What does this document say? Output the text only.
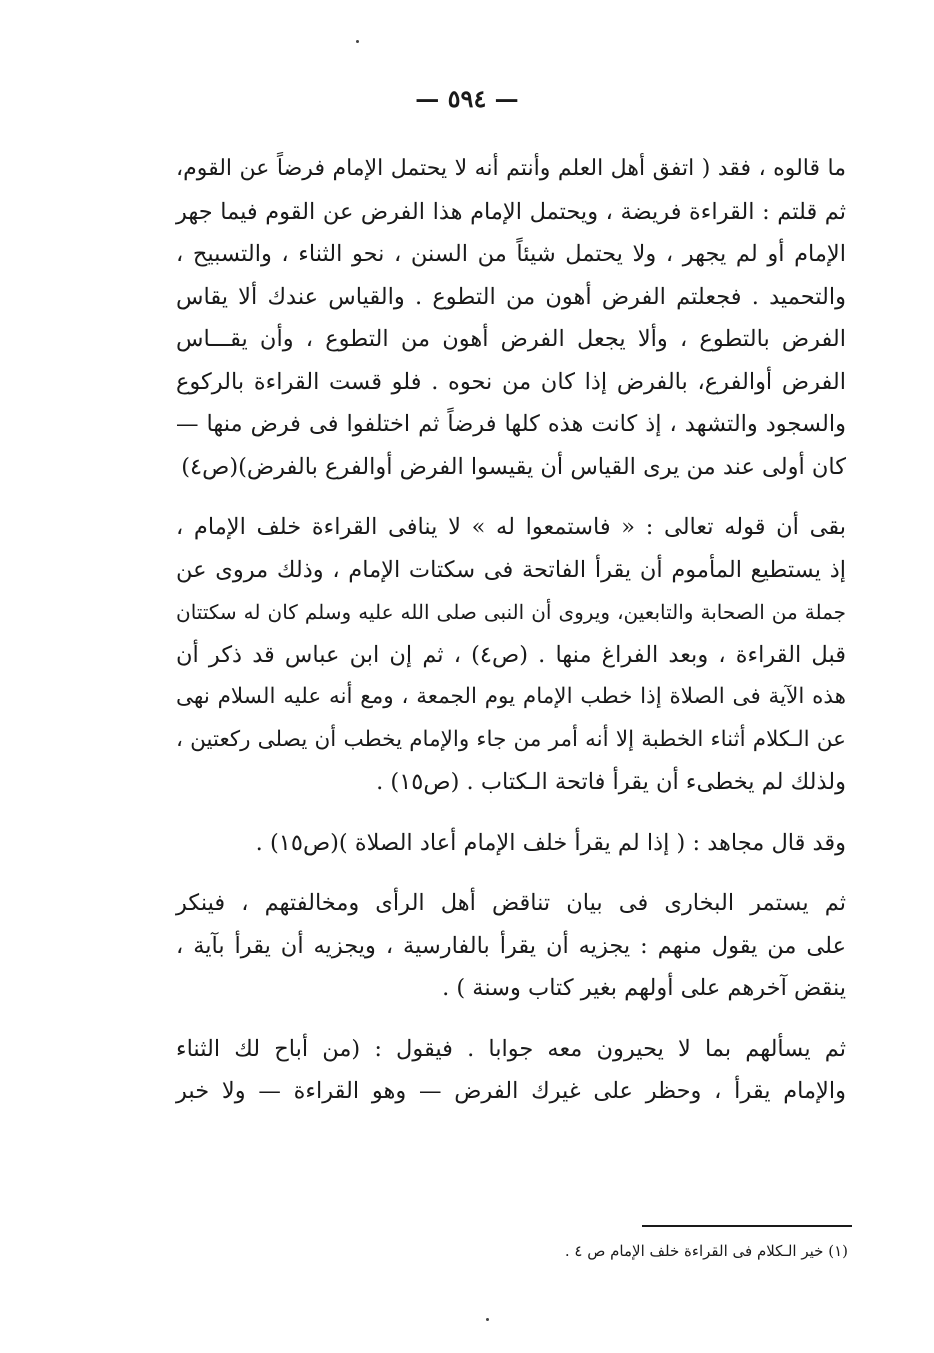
— ٥٩٤ —

ما قالوه ، فقد ( اتفق أهل العلم وأنتم أنه لا يحتمل الإمام فرضاً عن القوم،
ثم قلتم : القراءة فريضة ، ويحتمل الإمام هذا الفرض عن القوم فيما جهر
الإمام أو لم يجهر ، ولا يحتمل شيئاً من السنن ، نحو الثناء ، والتسبيح ،
والتحميد . فجعلتم الفرض أهون من التطوع . والقياس عندك ألا يقاس
الفرض بالتطوع ، وألا يجعل الفرض أهون من التطوع ، وأن يقـــاس
الفرض أوالفرع، بالفرض إذا كان من نحوه . فلو قست القراءة بالركوع
والسجود والتشهد ، إذ كانت هذه كلها فرضاً ثم اختلفوا فى فرض منها —
كان أولى عند من يرى القياس أن يقيسوا الفرض أوالفرع بالفرض)(ص٤)

بقى أن قوله تعالى : « فاستمعوا له » لا ينافى القراءة خلف الإمام ،
إذ يستطيع المأموم أن يقرأ الفاتحة فى سكتات الإمام ، وذلك مروى عن
جملة من الصحابة والتابعين، ويروى أن النبى صلى الله عليه وسلم كان له سكتتان
قبل القراءة ، وبعد الفراغ منها . (ص٤) ، ثم إن ابن عباس قد ذكر أن
هذه الآية فى الصلاة إذا خطب الإمام يوم الجمعة ، ومع أنه عليه السلام نهى
عن الـكلام أثناء الخطبة إلا أنه أمر من جاء والإمام يخطب أن يصلى ركعتين ،
ولذلك لم يخطىء أن يقرأ فاتحة الـكتاب . (ص١٥) .

وقد قال مجاهد : ( إذا لم يقرأ خلف الإمام أعاد الصلاة )(ص١٥) .

ثم يستمر البخارى فى بيان تناقض أهل الرأى ومخالفتهم ، فينكر
على من يقول منهم : يجزيه أن يقرأ بالفارسية ، ويجزيه أن يقرأ بآية ،
ينقض آخرهم على أولهم بغير كتاب وسنة ) .

ثم يسألهم بما لا يحيرون معه جوابا . فيقول : (من أباح لك الثناء
والإمام يقرأ ، وحظر على غيرك الفرض — وهو القراءة — ولا خبر

(١) خير الـكلام فى القراءة خلف الإمام ص ٤ .
